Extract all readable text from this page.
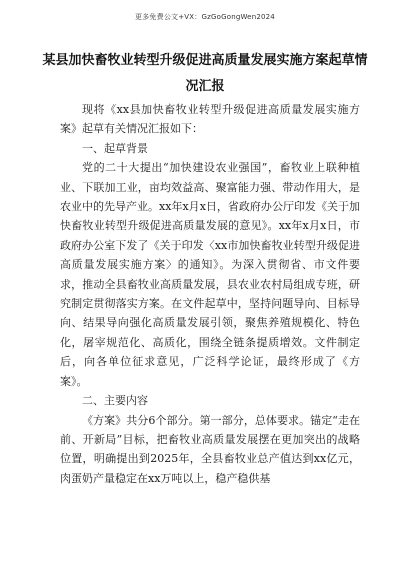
更多免费公文+VX：GzGoGongWen2024
某县加快畜牧业转型升级促进高质量发展实施方案起草情况汇报

现将《xx县加快畜牧业转型升级促进高质量发展实施方案》起草有关情况汇报如下：

一、起草背景

党的二十大提出“加快建设农业强国”，畜牧业上联种植业、下联加工业，亩均效益高、聚富能力强、带动作用大，是农业中的先导产业。xx年x月x日，省政府办公厅印发《关于加快畜牧业转型升级促进高质量发展的意见》。xx年x月x日，市政府办公室下发了《关于印发〈xx市加快畜牧业转型升级促进高质量发展实施方案〉的通知》。为深入贯彻省、市文件要求，推动全县畜牧业高质量发展，县农业农村局组成专班，研究制定贯彻落实方案。在文件起草中，坚持问题导向、目标导向、结果导向强化高质量发展引领，聚焦养殖规模化、特色化，屠宰规范化、高质化，围绕全链条提质增效。文件制定后，向各单位征求意见，广泛科学论证，最终形成了《方案》。

二、主要内容

《方案》共分6个部分。第一部分，总体要求。锚定“走在前、开新局”目标，把畜牧业高质量发展摆在更加突出的战略位置，明确提出到2025年，全县畜牧业总产值达到xx亿元，肉蛋奶产量稳定在xx万吨以上，稳产稳供基
